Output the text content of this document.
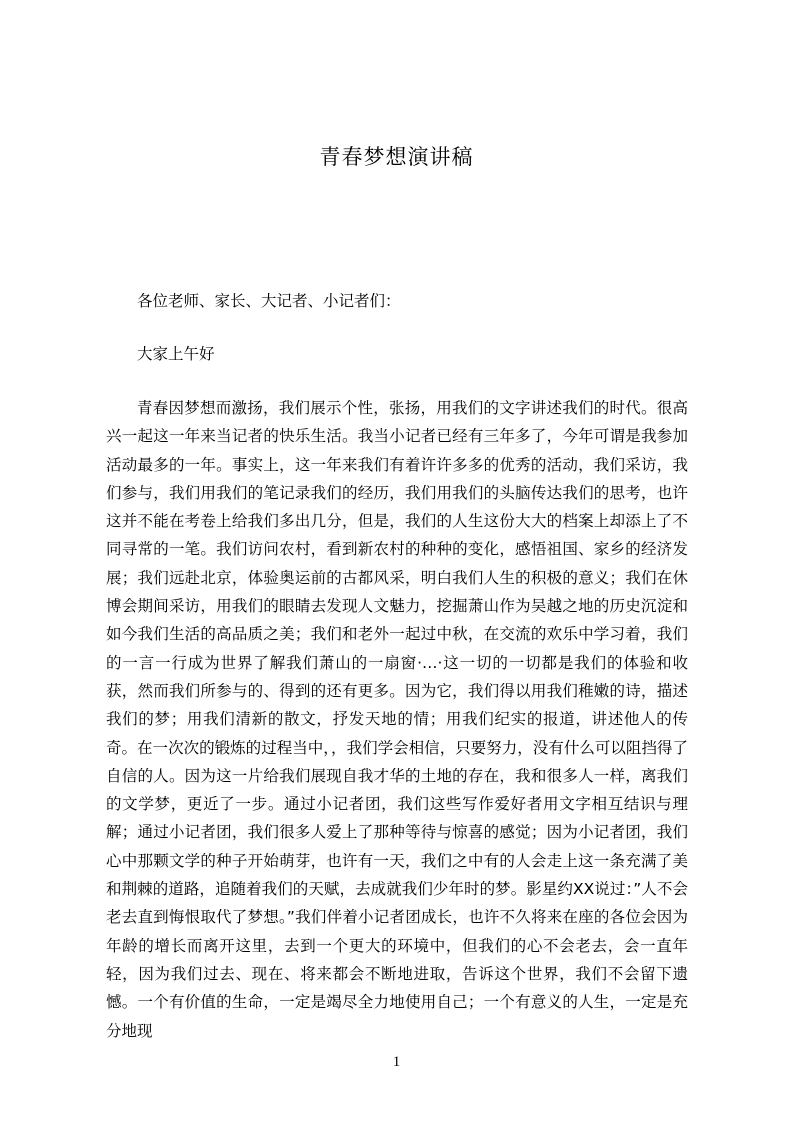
青春梦想演讲稿

各位老师、家长、大记者、小记者们：

大家上午好

青春因梦想而激扬，我们展示个性，张扬，用我们的文字讲述我们的时代。很高兴一起这一年来当记者的快乐生活。我当小记者已经有三年多了，今年可谓是我参加活动最多的一年。事实上，这一年来我们有着许许多多的优秀的活动，我们采访，我们参与，我们用我们的笔记录我们的经历，我们用我们的头脑传达我们的思考，也许这并不能在考卷上给我们多出几分，但是，我们的人生这份大大的档案上却添上了不同寻常的一笔。我们访问农村，看到新农村的种种的变化，感悟祖国、家乡的经济发展；我们远赴北京，体验奥运前的古都风采，明白我们人生的积极的意义；我们在休博会期间采访，用我们的眼睛去发现人文魅力，挖掘萧山作为吴越之地的历史沉淀和如今我们生活的高品质之美；我们和老外一起过中秋，在交流的欢乐中学习着，我们的一言一行成为世界了解我们萧山的一扇窗·…·这一切的一切都是我们的体验和收获，然而我们所参与的、得到的还有更多。因为它，我们得以用我们稚嫩的诗，描述我们的梦；用我们清新的散文，抒发天地的情；用我们纪实的报道，讲述他人的传奇。在一次次的锻炼的过程当中，，我们学会相信，只要努力，没有什么可以阻挡得了自信的人。因为这一片给我们展现自我才华的土地的存在，我和很多人一样，离我们的文学梦，更近了一步。通过小记者团，我们这些写作爱好者用文字相互结识与理解；通过小记者团，我们很多人爱上了那种等待与惊喜的感觉；因为小记者团，我们心中那颗文学的种子开始萌芽，也许有一天，我们之中有的人会走上这一条充满了美和荆棘的道路，追随着我们的天赋，去成就我们少年时的梦。影星约XX说过：”人不会老去直到悔恨取代了梦想。”我们伴着小记者团成长，也许不久将来在座的各位会因为年龄的增长而离开这里，去到一个更大的环境中，但我们的心不会老去，会一直年轻，因为我们过去、现在、将来都会不断地进取，告诉这个世界，我们不会留下遗憾。一个有价值的生命，一定是竭尽全力地使用自己；一个有意义的人生，一定是充分地现

1
